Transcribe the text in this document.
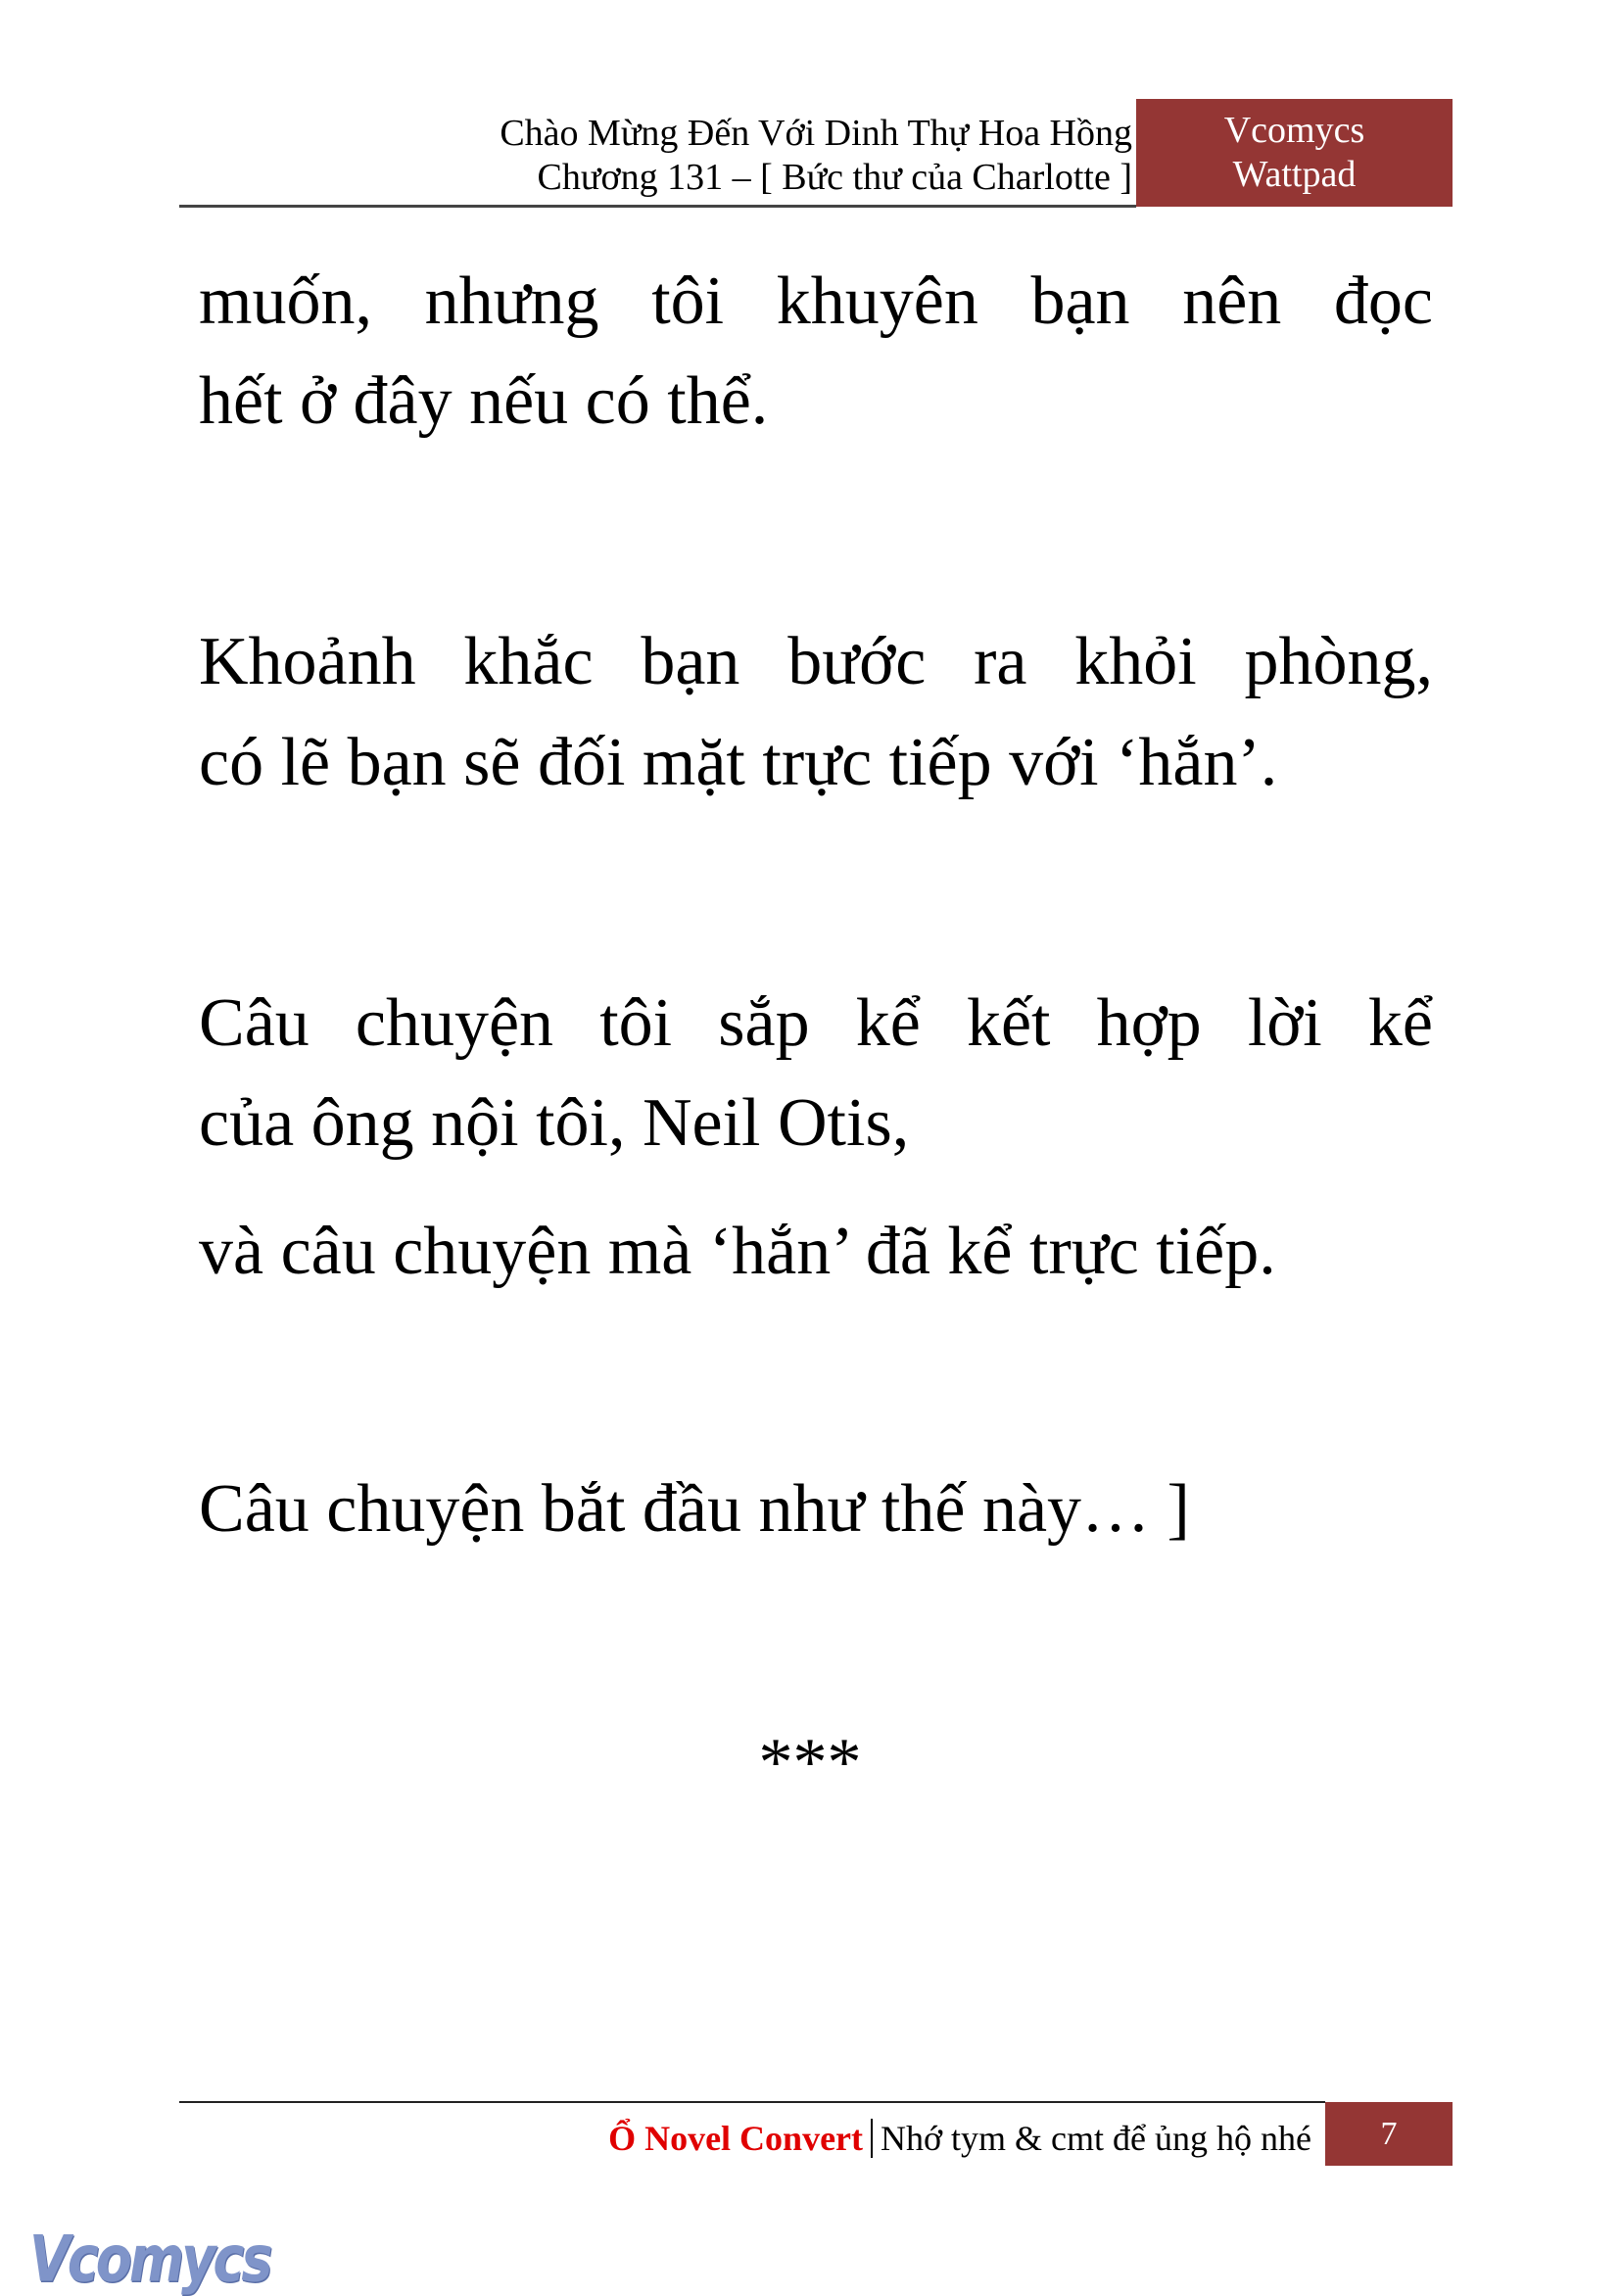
Chào Mừng Đến Với Dinh Thự Hoa Hồng
Chương 131 – [ Bức thư của Charlotte ]
Vcomycs
Wattpad
muốn, nhưng tôi khuyên bạn nên đọc
hết ở đây nếu có thể.
Khoảnh khắc bạn bước ra khỏi phòng,
có lẽ bạn sẽ đối mặt trực tiếp với ‘hắn’.
Câu chuyện tôi sắp kể kết hợp lời kể
của ông nội tôi, Neil Otis,
và câu chuyện mà ‘hắn’ đã kể trực tiếp.
Câu chuyện bắt đầu như thế này… ]
***
Ổ Novel Convert Nhớ tym & cmt để ủng hộ nhé	7
Vcomycs
